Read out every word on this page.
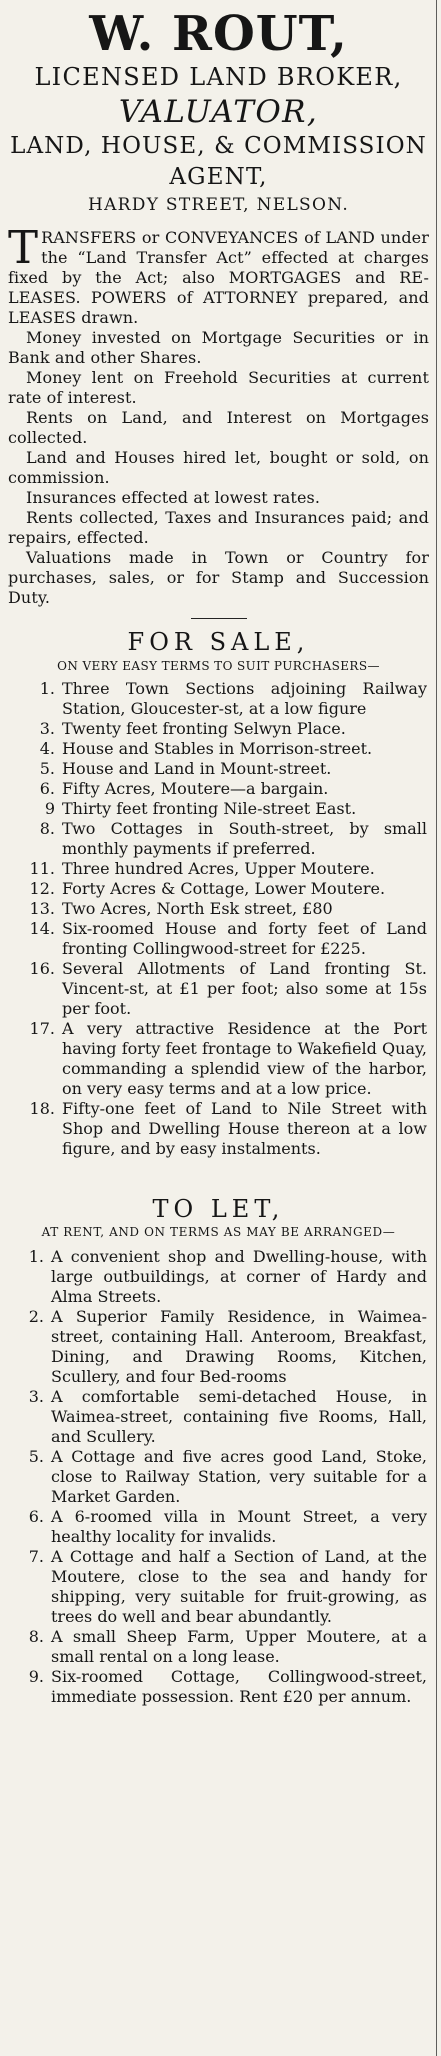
W. ROUT,
LICENSED LAND BROKER,
VALUATOR,
LAND, HOUSE, & COMMISSION
AGENT,
HARDY STREET, NELSON.

TRANSFERS or CONVEYANCES of LAND under the “Land Transfer Act” effected at charges fixed by the Act; also MORTGAGES and RE-LEASES. POWERS of ATTORNEY prepared, and LEASES drawn.

Money invested on Mortgage Securities or in Bank and other Shares.

Money lent on Freehold Securities at current rate of interest.

Rents on Land, and Interest on Mortgages collected.

Land and Houses hired let, bought or sold, on commission.

Insurances effected at lowest rates.

Rents collected, Taxes and Insurances paid; and repairs, effected.

Valuations made in Town or Country for purchases, sales, or for Stamp and Succession Duty.

FOR SALE,
ON VERY EASY TERMS TO SUIT PURCHASERS—
1. Three Town Sections adjoining Railway Station, Gloucester-st, at a low figure
3. Twenty feet fronting Selwyn Place.
4. House and Stables in Morrison-street.
5. House and Land in Mount-street.
6. Fifty Acres, Moutere—a bargain.
9 Thirty feet fronting Nile-street East.
8. Two Cottages in South-street, by small monthly payments if preferred.
11. Three hundred Acres, Upper Moutere.
12. Forty Acres & Cottage, Lower Moutere.
13. Two Acres, North Esk street, £80
14. Six-roomed House and forty feet of Land fronting Collingwood-street for £225.
16. Several Allotments of Land fronting St. Vincent-st, at £1 per foot; also some at 15s per foot.
17. A very attractive Residence at the Port having forty feet frontage to Wakefield Quay, commanding a splendid view of the harbor, on very easy terms and at a low price.
18. Fifty-one feet of Land to Nile Street with Shop and Dwelling House thereon at a low figure, and by easy instalments.
TO LET,
AT RENT, AND ON TERMS AS MAY BE ARRANGED—
1. A convenient shop and Dwelling-house, with large outbuildings, at corner of Hardy and Alma Streets.
2. A Superior Family Residence, in Waimea-street, containing Hall. Anteroom, Breakfast, Dining, and Drawing Rooms, Kitchen, Scullery, and four Bed-rooms
3. A comfortable semi-detached House, in Waimea-street, containing five Rooms, Hall, and Scullery.
5. A Cottage and five acres good Land, Stoke, close to Railway Station, very suitable for a Market Garden.
6. A 6-roomed villa in Mount Street, a very healthy locality for invalids.
7. A Cottage and half a Section of Land, at the Moutere, close to the sea and handy for shipping, very suitable for fruit-growing, as trees do well and bear abundantly.
8. A small Sheep Farm, Upper Moutere, at a small rental on a long lease.
9. Six-roomed Cottage, Collingwood-street, immediate possession. Rent £20 per annum.
